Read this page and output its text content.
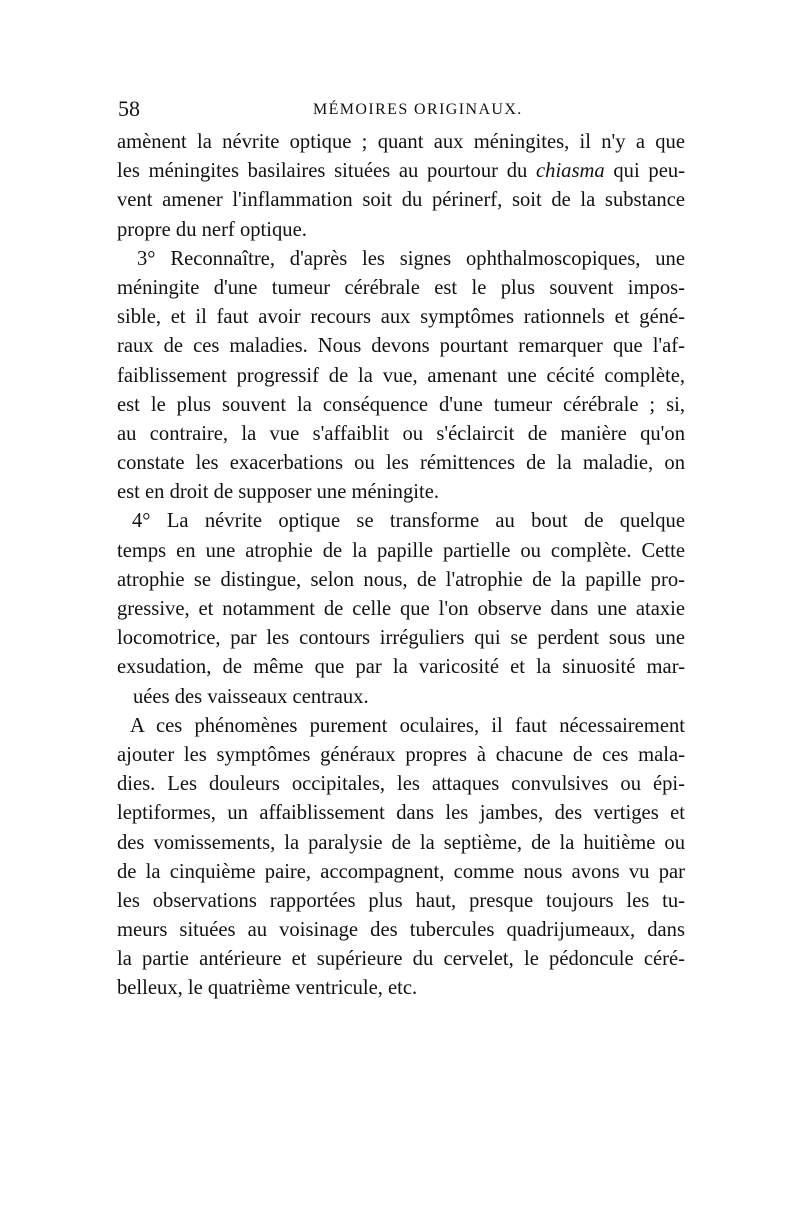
58	MÉMOIRES ORIGINAUX.
amènent la névrite optique ; quant aux méningites, il n'y a que
les méningites basilaires situées au pourtour du chiasma qui peu-
vent amener l'inflammation soit du périnerf, soit de la substance
propre du nerf optique.
3° Reconnaître, d'après les signes ophthalmoscopiques, une
méningite d'une tumeur cérébrale est le plus souvent impos-
sible, et il faut avoir recours aux symptômes rationnels et géné-
raux de ces maladies. Nous devons pourtant remarquer que l'af-
faiblissement progressif de la vue, amenant une cécité complète,
est le plus souvent la conséquence d'une tumeur cérébrale ; si,
au contraire, la vue s'affaiblit ou s'éclaircit de manière qu'on
constate les exacerbations ou les rémittences de la maladie, on
est en droit de supposer une méningite.
4° La névrite optique se transforme au bout de quelque
temps en une atrophie de la papille partielle ou complète. Cette
atrophie se distingue, selon nous, de l'atrophie de la papille pro-
gressive, et notamment de celle que l'on observe dans une ataxie
locomotrice, par les contours irréguliers qui se perdent sous une
exsudation, de même que par la varicosité et la sinuosité mar-
uées des vaisseaux centraux.
A ces phénomènes purement oculaires, il faut nécessairement
ajouter les symptômes généraux propres à chacune de ces mala-
dies. Les douleurs occipitales, les attaques convulsives ou épi-
leptiformes, un affaiblissement dans les jambes, des vertiges et
des vomissements, la paralysie de la septième, de la huitième ou
de la cinquième paire, accompagnent, comme nous avons vu par
les observations rapportées plus haut, presque toujours les tu-
meurs situées au voisinage des tubercules quadrijumeaux, dans
la partie antérieure et supérieure du cervelet, le pédoncule céré-
belleux, le quatrième ventricule, etc.
